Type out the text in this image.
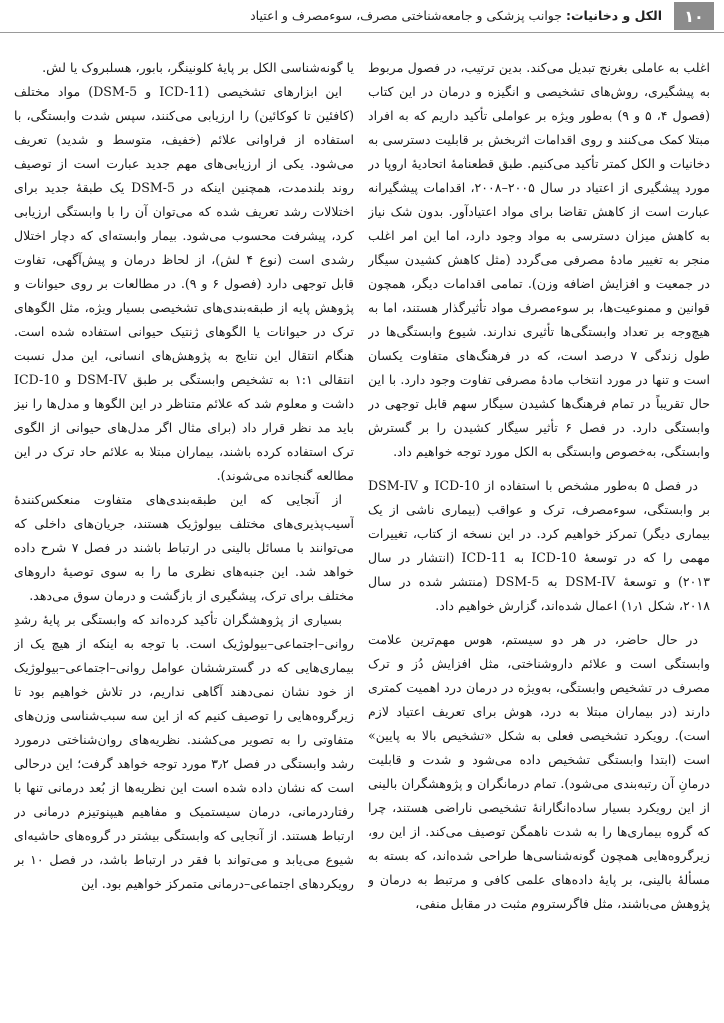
۱۰
الکل و دخانیات: جوانب پزشکی و جامعه‌شناختی مصرف، سوءمصرف و اعتیاد

اغلب به عاملی بغرنج تبدیل می‌کند. بدین ترتیب، در فصول مربوط به پیشگیری، روش‌های تشخیصی و انگیزه و درمان در این کتاب (فصول ۴، ۵ و ۹) به‌طور ویژه بر عواملی تأکید داریم که به افراد مبتلا کمک می‌کنند و روی اقدامات اثربخش بر قابلیت دسترسی به دخانیات و الکل کمتر تأکید می‌کنیم. طبق قطعنامهٔ اتحادیهٔ اروپا در مورد پیشگیری از اعتیاد در سال ۲۰۰۵–۲۰۰۸، اقدامات پیشگیرانه عبارت است از کاهش تقاضا برای مواد اعتیادآور. بدون شک نیاز به کاهش میزان دسترسی به مواد وجود دارد، اما این امر اغلب منجر به تغییر مادهٔ مصرفی می‌گردد (مثل کاهش کشیدن سیگار در جمعیت و افزایش اضافه وزن). تمامی اقدامات دیگر، همچون قوانین و ممنوعیت‌ها، بر سوءمصرف مواد تأثیرگذار هستند، اما به هیچ‌وجه بر تعداد وابستگی‌ها تأثیری ندارند. شیوع وابستگی‌ها در طول زندگی ۷ درصد است، که در فرهنگ‌های متفاوت یکسان است و تنها در مورد انتخاب مادهٔ مصرفی تفاوت وجود دارد. با این حال تقریباً در تمام فرهنگ‌ها کشیدن سیگار سهم قابل توجهی در وابستگی دارد. در فصل ۶ تأثیر سیگار کشیدن را بر گسترش وابستگی، به‌خصوص وابستگی به الکل مورد توجه خواهیم داد.

در فصل ۵ به‌طور مشخص با استفاده از ICD-10 و DSM-IV بر وابستگی، سوءمصرف، ترک و عواقب (بیماری ناشی از یک بیماری دیگر) تمرکز خواهیم کرد. در این نسخه از کتاب، تغییرات مهمی را که در توسعهٔ ICD-10 به ICD-11 (انتشار در سال ۲۰۱۳) و توسعهٔ DSM-IV به DSM-5 (منتشر شده در سال ۲۰۱۸، شکل ۱٫۱) اعمال شده‌اند، گزارش خواهیم داد.

در حال حاضر، در هر دو سیستم، هوس مهم‌ترین علامت وابستگی است و علائم داروشناختی، مثل افزایش دُز و ترک مصرف در تشخیص وابستگی، به‌ویژه در درمان درد اهمیت کمتری دارند (در بیماران مبتلا به درد، هوش برای تعریف اعتیاد لازم است). رویکرد تشخیصی فعلی به شکل «تشخیص بالا به پایین» است (ابتدا وابستگی تشخیص داده می‌شود و شدت و قابلیت درمانِ آن رتبه‌بندی می‌شود). تمام درمانگران و پژوهشگران بالینی از این رویکرد بسیار ساده‌انگارانهٔ تشخیصی ناراضی هستند، چرا که گروه بیماری‌ها را به شدت ناهمگن توصیف می‌کند. از این رو، زیرگروه‌هایی همچون گونه‌شناسی‌ها طراحی شده‌اند، که بسته به مسألهٔ بالینی، بر پایهٔ داده‌های علمی کافی و مرتبط به درمان و پژوهش می‌باشند، مثل فاگرستروم مثبت در مقابل منفی،

یا گونه‌شناسی الکل بر پایهٔ کلونینگر، بابور، هسلبروک یا لش.

این ابزارهای تشخیصی (ICD-11 و DSM-5) مواد مختلف (کافئین تا کوکائین) را ارزیابی می‌کنند، سپس شدت وابستگی، با استفاده از فراوانی علائم (خفیف، متوسط و شدید) تعریف می‌شود. یکی از ارزیابی‌های مهم جدید عبارت است از توصیف روند بلندمدت، همچنین اینکه در DSM-5 یک طبقهٔ جدید برای اختلالات رشد تعریف شده که می‌توان آن را با وابستگی ارزیابی کرد، پیشرفت محسوب می‌شود. بیمار وابسته‌ای که دچار اختلال رشدی است (نوع ۴ لش)، از لحاظ درمان و پیش‌آگهی، تفاوت قابل توجهی دارد (فصول ۶ و ۹). در مطالعات بر روی حیوانات و پژوهش پایه از طبقه‌بندی‌های تشخیصی بسیار ویژه، مثل الگوهای ترک در حیوانات یا الگوهای ژنتیک حیوانی استفاده شده است. هنگام انتقال این نتایج به پژوهش‌های انسانی، این مدل نسبت انتقالی ۱:۱ به تشخیص وابستگی بر طبق DSM-IV و ICD-10 داشت و معلوم شد که علائم متناظر در این الگوها و مدل‌ها را نیز باید مد نظر قرار داد (برای مثال اگر مدل‌های حیوانی از الگوی ترک استفاده کرده باشند، بیماران مبتلا به علائم حاد ترک در این مطالعه گنجانده می‌شوند).

از آنجایی که این طبقه‌بندی‌های متفاوت منعکس‌کنندهٔ آسیب‌پذیری‌های مختلف بیولوژیک هستند، جریان‌های داخلی که می‌توانند با مسائل بالینی در ارتباط باشند در فصل ۷ شرح داده خواهد شد. این جنبه‌های نظری ما را به سوی توصیهٔ داروهای مختلف برای ترک، پیشگیری از بازگشت و درمان سوق می‌دهد.

بسیاری از پژوهشگران تأکید کرده‌اند که وابستگی بر پایهٔ رشدِ روانی–اجتماعی–بیولوژیک است. با توجه به اینکه از هیچ یک از بیماری‌هایی که در گسترششان عوامل روانی–اجتماعی–بیولوژیک از خود نشان نمی‌دهند آگاهی نداریم، در تلاش خواهیم بود تا زیرگروه‌هایی را توصیف کنیم که از این سه سبب‌شناسی وزن‌های متفاوتی را به تصویر می‌کشند. نظریه‌های روان‌شناختی درمورد رشد وابستگی در فصل ۳٫۲ مورد توجه خواهد گرفت؛ این درحالی است که نشان داده شده است این نظریه‌ها از بُعد درمانی تنها با رفتاردرمانی، درمان سیستمیک و مفاهیم هیپنوتیزم درمانی در ارتباط هستند. از آنجایی که وابستگی بیشتر در گروه‌های حاشیه‌ای شیوع می‌یابد و می‌تواند با فقر در ارتباط باشد، در فصل ۱۰ بر رویکردهای اجتماعی–درمانی متمرکز خواهیم بود. این
